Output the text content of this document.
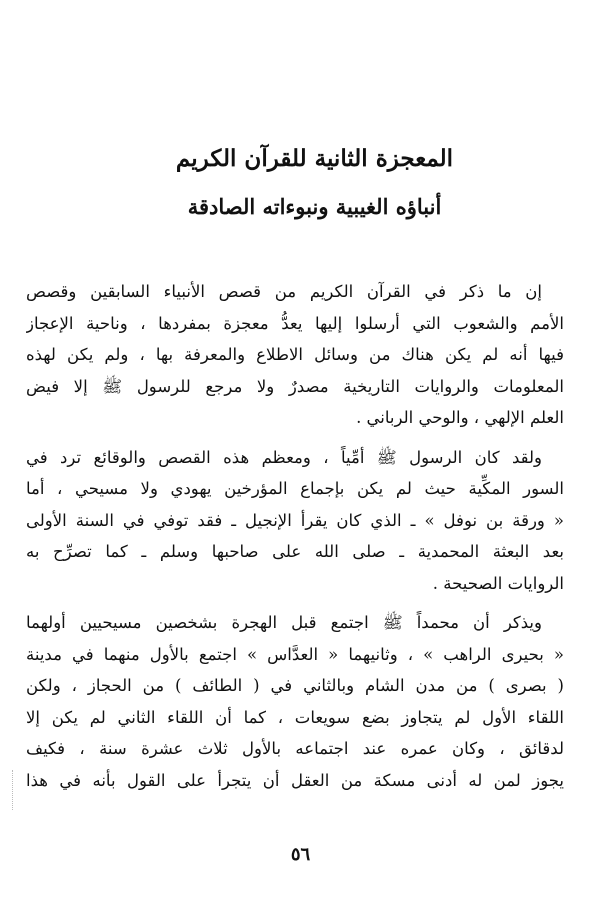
المعجزة الثانية للقرآن الكريم
أنباؤه الغيبية ونبوءاته الصادقة

إن ما ذكر في القرآن الكريم من قصص الأنبياء السابقين وقصص
الأمم والشعوب التي أرسلوا إليها يعدُّ معجزة بمفردها ، وناحية الإعجاز
فيها أنه لم يكن هناك من وسائل الاطلاع والمعرفة بها ، ولم يكن لهذه
المعلومات والروايات التاريخية مصدرٌ ولا مرجع للرسول ﷺ إلا فيض
العلم الإلهي ، والوحي الرباني .

ولقد كان الرسول ﷺ أمِّياً ، ومعظم هذه القصص والوقائع ترد في
السور المكِّية حيث لم يكن بإجماع المؤرخين يهودي ولا مسيحي ، أما
« ورقة بن نوفل » ـ الذي كان يقرأ الإنجيل ـ فقد توفي في السنة الأولى
بعد البعثة المحمدية ـ صلى الله على صاحبها وسلم ـ كما تصرِّح به
الروايات الصحيحة .

ويذكر أن محمداً ﷺ اجتمع قبل الهجرة بشخصين مسيحيين أولهما
« بحيرى الراهب » ، وثانيهما « العدَّاس » اجتمع بالأول منهما في مدينة
( بصرى ) من مدن الشام وبالثاني في ( الطائف ) من الحجاز ، ولكن
اللقاء الأول لم يتجاوز بضع سويعات ، كما أن اللقاء الثاني لم يكن إلا
لدقائق ، وكان عمره عند اجتماعه بالأول ثلاث عشرة سنة ، فكيف
يجوز لمن له أدنى مسكة من العقل أن يتجرأ على القول بأنه في هذا

٥٦
